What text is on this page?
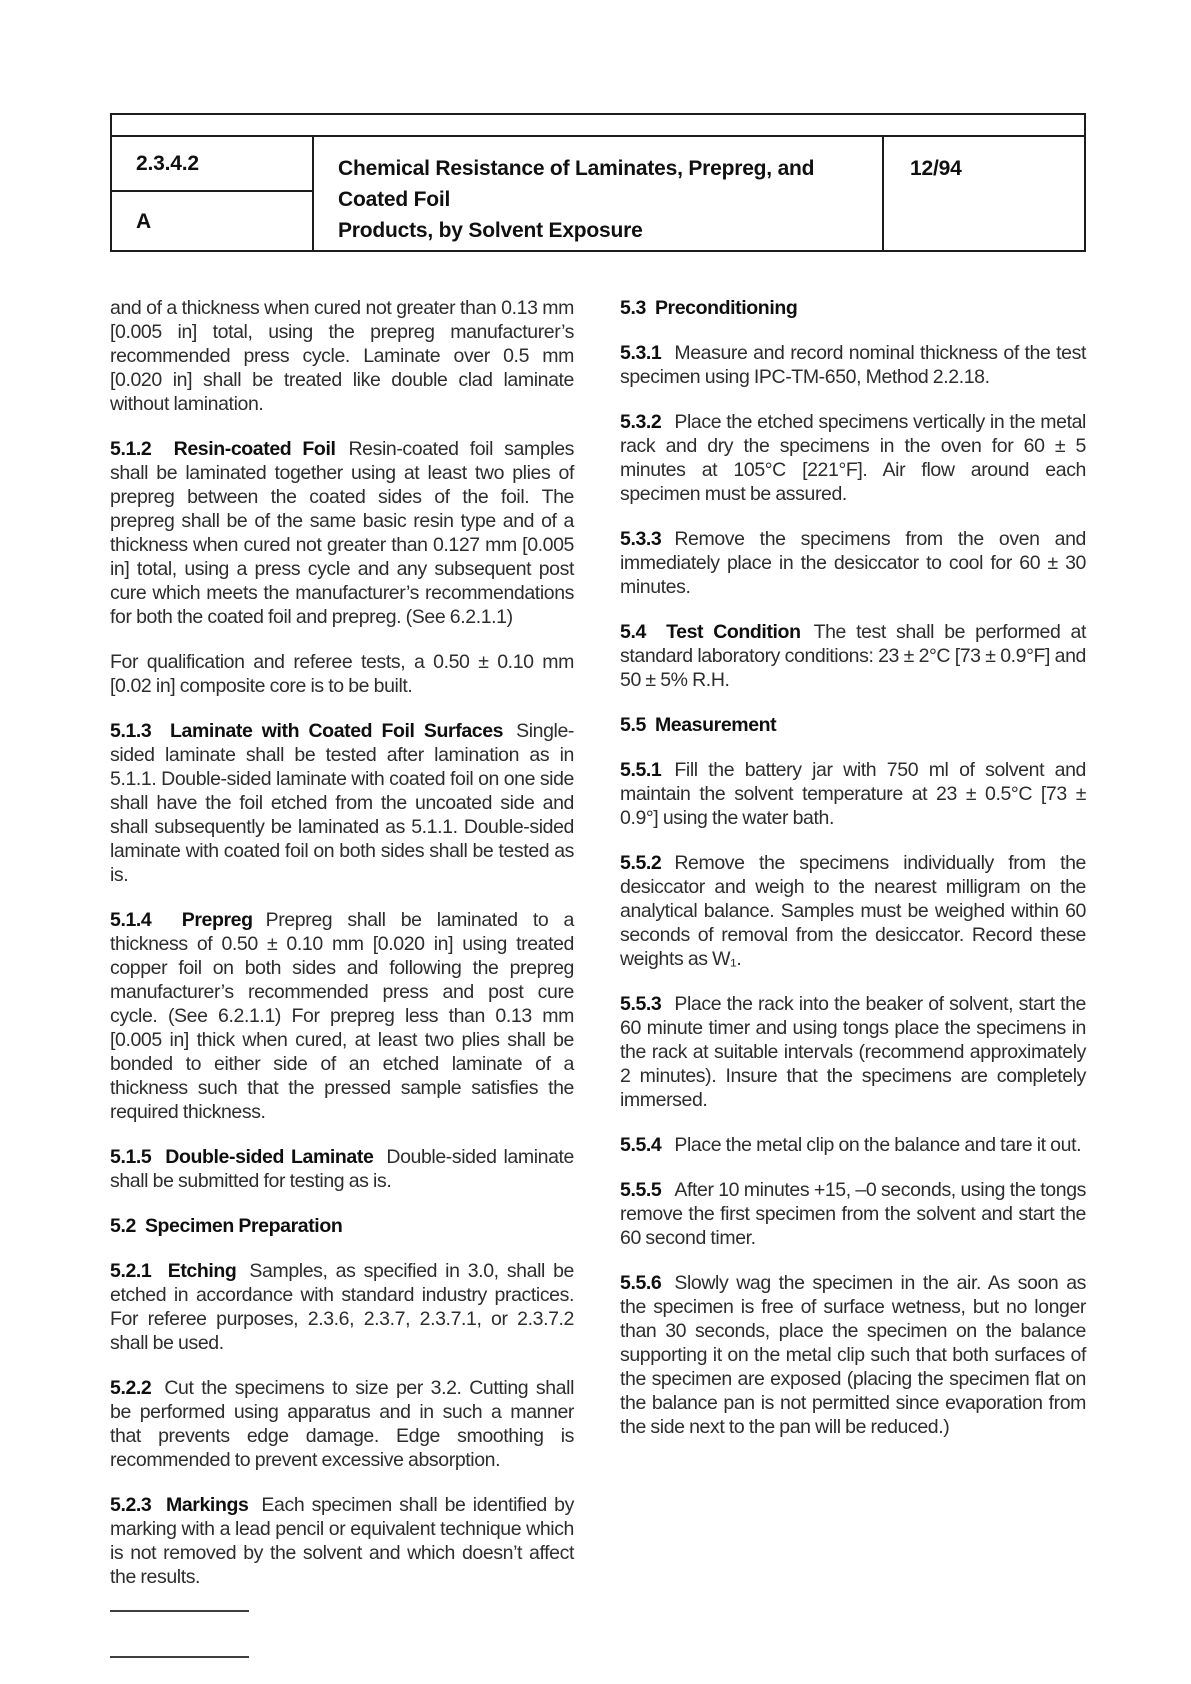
2.3.4.2
A
Chemical Resistance of Laminates, Prepreg, and Coated Foil
Products, by Solvent Exposure
12/94

and of a thickness when cured not greater than 0.13 mm [0.005 in] total, using the prepreg manufacturer’s recommended press cycle. Laminate over 0.5 mm [0.020 in] shall be treated like double clad laminate without lamination.

5.1.2  Resin-coated Foil Resin-coated foil samples shall be laminated together using at least two plies of prepreg between the coated sides of the foil. The prepreg shall be of the same basic resin type and of a thickness when cured not greater than 0.127 mm [0.005 in] total, using a press cycle and any subsequent post cure which meets the manufacturer’s recommendations for both the coated foil and prepreg. (See 6.2.1.1)

For qualification and referee tests, a 0.50 ± 0.10 mm [0.02 in] composite core is to be built.

5.1.3  Laminate with Coated Foil Surfaces Single-sided laminate shall be tested after lamination as in 5.1.1. Double-sided laminate with coated foil on one side shall have the foil etched from the uncoated side and shall subsequently be laminated as 5.1.1. Double-sided laminate with coated foil on both sides shall be tested as is.

5.1.4  Prepreg Prepreg shall be laminated to a thickness of 0.50 ± 0.10 mm [0.020 in] using treated copper foil on both sides and following the prepreg manufacturer’s recommended press and post cure cycle. (See 6.2.1.1) For prepreg less than 0.13 mm [0.005 in] thick when cured, at least two plies shall be bonded to either side of an etched laminate of a thickness such that the pressed sample satisfies the required thickness.

5.1.5  Double-sided Laminate Double-sided laminate shall be submitted for testing as is.

5.2  Specimen Preparation

5.2.1  Etching Samples, as specified in 3.0, shall be etched in accordance with standard industry practices. For referee purposes, 2.3.6, 2.3.7, 2.3.7.1, or 2.3.7.2 shall be used.

5.2.2 Cut the specimens to size per 3.2. Cutting shall be performed using apparatus and in such a manner that prevents edge damage. Edge smoothing is recommended to prevent excessive absorption.

5.2.3  Markings Each specimen shall be identified by marking with a lead pencil or equivalent technique which is not removed by the solvent and which doesn’t affect the results.

5.3  Preconditioning

5.3.1 Measure and record nominal thickness of the test specimen using IPC-TM-650, Method 2.2.18.

5.3.2 Place the etched specimens vertically in the metal rack and dry the specimens in the oven for 60 ± 5 minutes at 105°C [221°F]. Air flow around each specimen must be assured.

5.3.3 Remove the specimens from the oven and immediately place in the desiccator to cool for 60 ± 30 minutes.

5.4  Test Condition The test shall be performed at standard laboratory conditions: 23 ± 2°C [73 ± 0.9°F] and 50 ± 5% R.H.

5.5  Measurement

5.5.1 Fill the battery jar with 750 ml of solvent and maintain the solvent temperature at 23 ± 0.5°C [73 ± 0.9°] using the water bath.

5.5.2 Remove the specimens individually from the desiccator and weigh to the nearest milligram on the analytical balance. Samples must be weighed within 60 seconds of removal from the desiccator. Record these weights as W₁.

5.5.3 Place the rack into the beaker of solvent, start the 60 minute timer and using tongs place the specimens in the rack at suitable intervals (recommend approximately 2 minutes). Insure that the specimens are completely immersed.

5.5.4 Place the metal clip on the balance and tare it out.

5.5.5 After 10 minutes +15, –0 seconds, using the tongs remove the first specimen from the solvent and start the 60 second timer.

5.5.6 Slowly wag the specimen in the air. As soon as the specimen is free of surface wetness, but no longer than 30 seconds, place the specimen on the balance supporting it on the metal clip such that both surfaces of the specimen are exposed (placing the specimen flat on the balance pan is not permitted since evaporation from the side next to the pan will be reduced.)
